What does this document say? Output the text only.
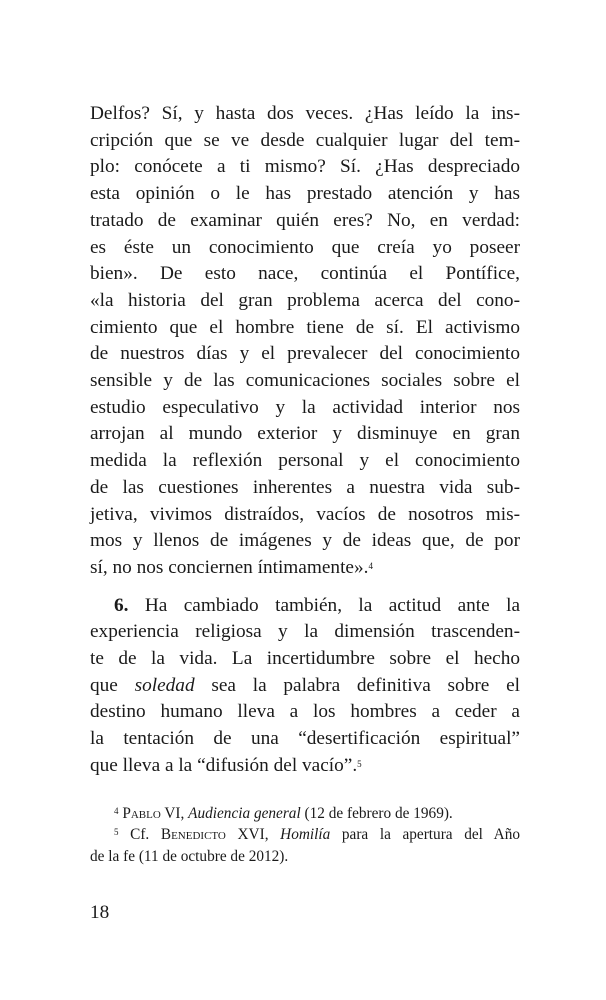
Delfos? Sí, y hasta dos veces. ¿Has leído la ins-
cripción que se ve desde cualquier lugar del tem-
plo: conócete a ti mismo? Sí. ¿Has despreciado
esta opinión o le has prestado atención y has
tratado de examinar quién eres? No, en verdad:
es éste un conocimiento que creía yo poseer
bien». De esto nace, continúa el Pontífice,
«la historia del gran problema acerca del cono-
cimiento que el hombre tiene de sí. El activismo
de nuestros días y el prevalecer del conocimiento
sensible y de las comunicaciones sociales sobre el
estudio especulativo y la actividad interior nos
arrojan al mundo exterior y disminuye en gran
medida la reflexión personal y el conocimiento
de las cuestiones inherentes a nuestra vida sub-
jetiva, vivimos distraídos, vacíos de nosotros mis-
mos y llenos de imágenes y de ideas que, de por
sí, no nos conciernen íntimamente».$^4$

6. Ha cambiado también, la actitud ante la
experiencia religiosa y la dimensión trascenden-
te de la vida. La incertidumbre sobre el hecho
que soledad sea la palabra definitiva sobre el
destino humano lleva a los hombres a ceder a
la tentación de una “desertificación espiritual”
que lleva a la “difusión del vacío”.$^5$

$^4$ Pablo VI, Audiencia general (12 de febrero de 1969).
$^5$ Cf. Benedicto XVI, Homilía para la apertura del Año
de la fe (11 de octubre de 2012).
18
